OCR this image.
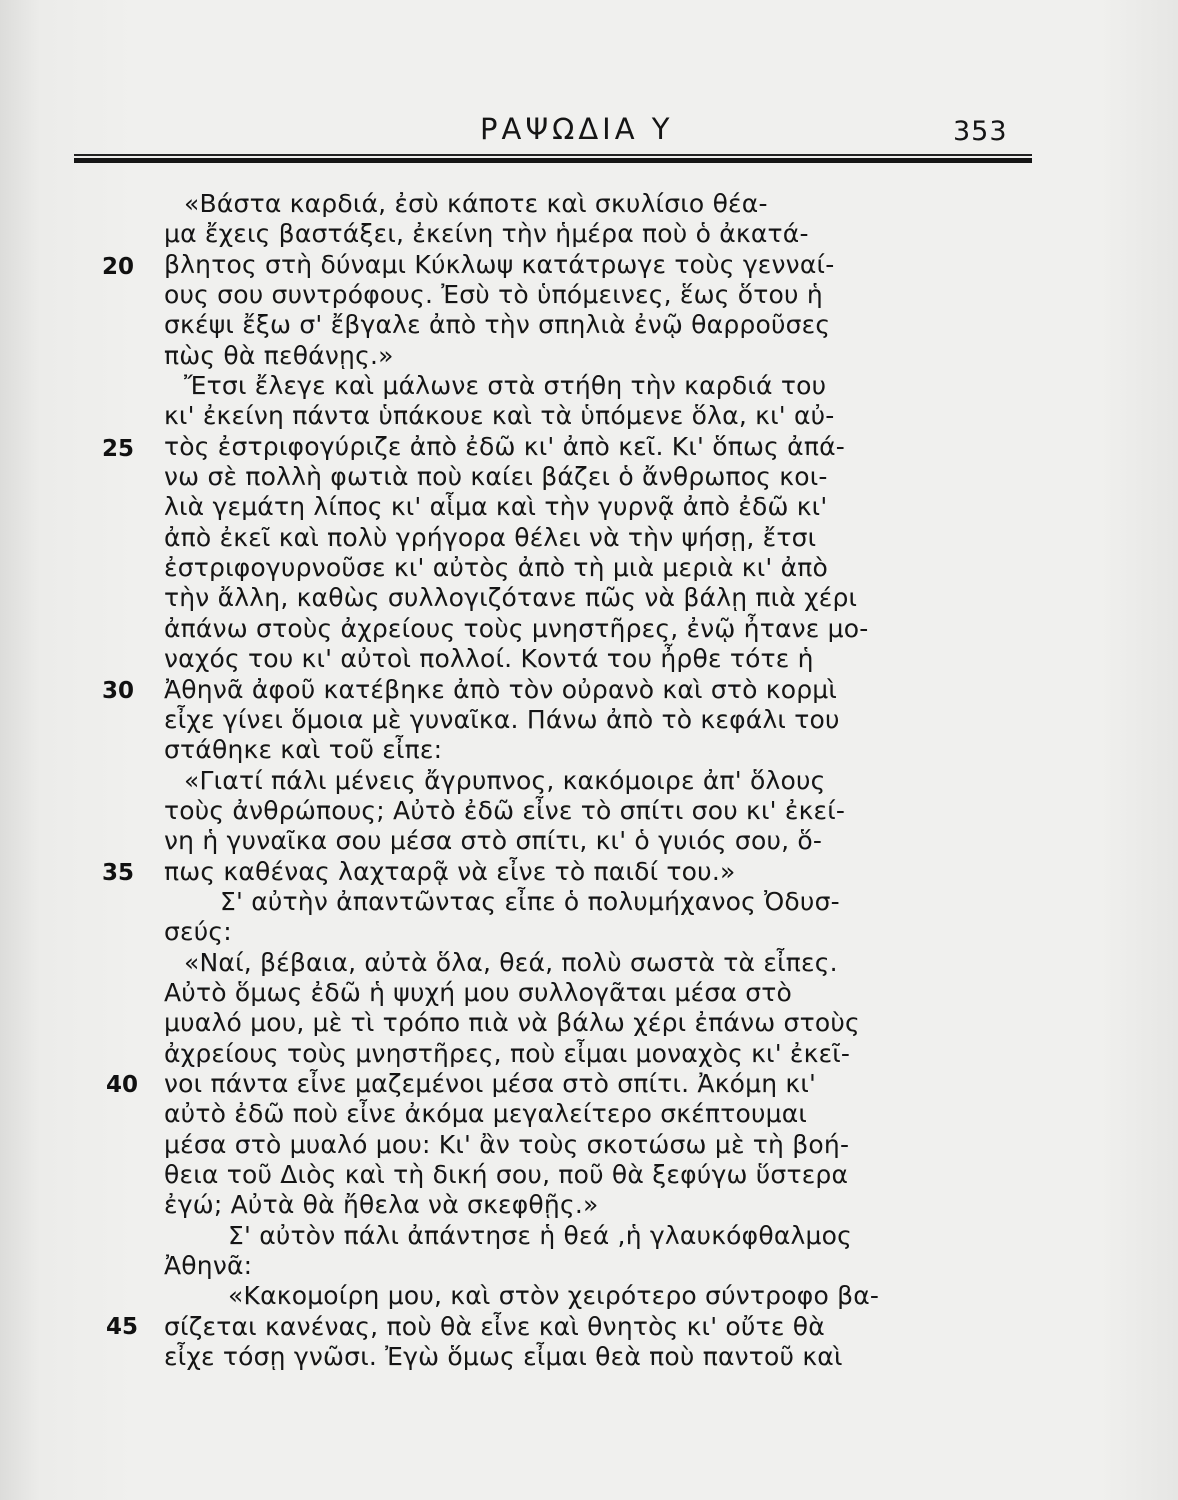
ΡΑΨΩΔΙΑ Υ	353
20
25
30
35
40
45
«Βάστα καρδιά, ἐσὺ κάποτε καὶ σκυλίσιο θέα-
μα ἔχεις βαστάξει, ἐκείνη τὴν ἡμέρα ποὺ ὁ ἀκατά-
βλητος στὴ δύναμι Κύκλωψ κατάτρωγε τοὺς γενναί-
ους σου συντρόφους. Ἐσὺ τὸ ὑπόμεινες, ἕως ὅτου ἡ
σκέψι ἔξω σ' ἔβγαλε ἀπὸ τὴν σπηλιὰ ἐνῷ θαρροῦσες
πὼς θὰ πεθάνῃς.»
Ἔτσι ἔλεγε καὶ μάλωνε στὰ στήθη τὴν καρδιά του
κι' ἐκείνη πάντα ὑπάκουε καὶ τὰ ὑπόμενε ὅλα, κι' αὐ-
τὸς ἐστριφογύριζε ἀπὸ ἐδῶ κι' ἀπὸ κεῖ. Κι' ὅπως ἀπά-
νω σὲ πολλὴ φωτιὰ ποὺ καίει βάζει ὁ ἄνθρωπος κοι-
λιὰ γεμάτη λίπος κι' αἷμα καὶ τὴν γυρνᾷ ἀπὸ ἐδῶ κι'
ἀπὸ ἐκεῖ καὶ πολὺ γρήγορα θέλει νὰ τὴν ψήσῃ, ἔτσι
ἐστριφογυρνοῦσε κι' αὐτὸς ἀπὸ τὴ μιὰ μεριὰ κι' ἀπὸ
τὴν ἄλλη, καθὼς συλλογιζότανε πῶς νὰ βάλῃ πιὰ χέρι
ἀπάνω στοὺς ἀχρείους τοὺς μνηστῆρες, ἐνῷ ἦτανε μο-
ναχός του κι' αὐτοὶ πολλοί. Κοντά του ἦρθε τότε ἡ
Ἀθηνᾶ ἀφοῦ κατέβηκε ἀπὸ τὸν οὐρανὸ καὶ στὸ κορμὶ
εἶχε γίνει ὅμοια μὲ γυναῖκα. Πάνω ἀπὸ τὸ κεφάλι του
στάθηκε καὶ τοῦ εἶπε:
«Γιατί πάλι μένεις ἄγρυπνος, κακόμοιρε ἀπ' ὅλους
τοὺς ἀνθρώπους; Αὐτὸ ἐδῶ εἶνε τὸ σπίτι σου κι' ἐκεί-
νη ἡ γυναῖκα σου μέσα στὸ σπίτι, κι' ὁ γυιός σου, ὅ-
πως καθένας λαχταρᾷ νὰ εἶνε τὸ παιδί του.»
Σ' αὐτὴν ἀπαντῶντας εἶπε ὁ πολυμήχανος Ὀδυσ-
σεύς:
«Ναί, βέβαια, αὐτὰ ὅλα, θεά, πολὺ σωστὰ τὰ εἶπες.
Αὐτὸ ὅμως ἐδῶ ἡ ψυχή μου συλλογᾶται μέσα στὸ
μυαλό μου, μὲ τὶ τρόπο πιὰ νὰ βάλω χέρι ἐπάνω στοὺς
ἀχρείους τοὺς μνηστῆρες, ποὺ εἶμαι μοναχὸς κι' ἐκεῖ-
νοι πάντα εἶνε μαζεμένοι μέσα στὸ σπίτι. Ἀκόμη κι'
αὐτὸ ἐδῶ ποὺ εἶνε ἀκόμα μεγαλείτερο σκέπτουμαι
μέσα στὸ μυαλό μου: Κι' ἂν τοὺς σκοτώσω μὲ τὴ βοή-
θεια τοῦ Διὸς καὶ τὴ δική σου, ποῦ θὰ ξεφύγω ὕστερα
ἐγώ; Αὐτὰ θὰ ἤθελα νὰ σκεφθῇς.»
Σ' αὐτὸν πάλι ἀπάντησε ἡ θεά ,ἡ γλαυκόφθαλμος
Ἀθηνᾶ:
«Κακομοίρη μου, καὶ στὸν χειρότερο σύντροφο βα-
σίζεται κανένας, ποὺ θὰ εἶνε καὶ θνητὸς κι' οὔτε θὰ
εἶχε τόσῃ γνῶσι. Ἐγὼ ὅμως εἶμαι θεὰ ποὺ παντοῦ καὶ
